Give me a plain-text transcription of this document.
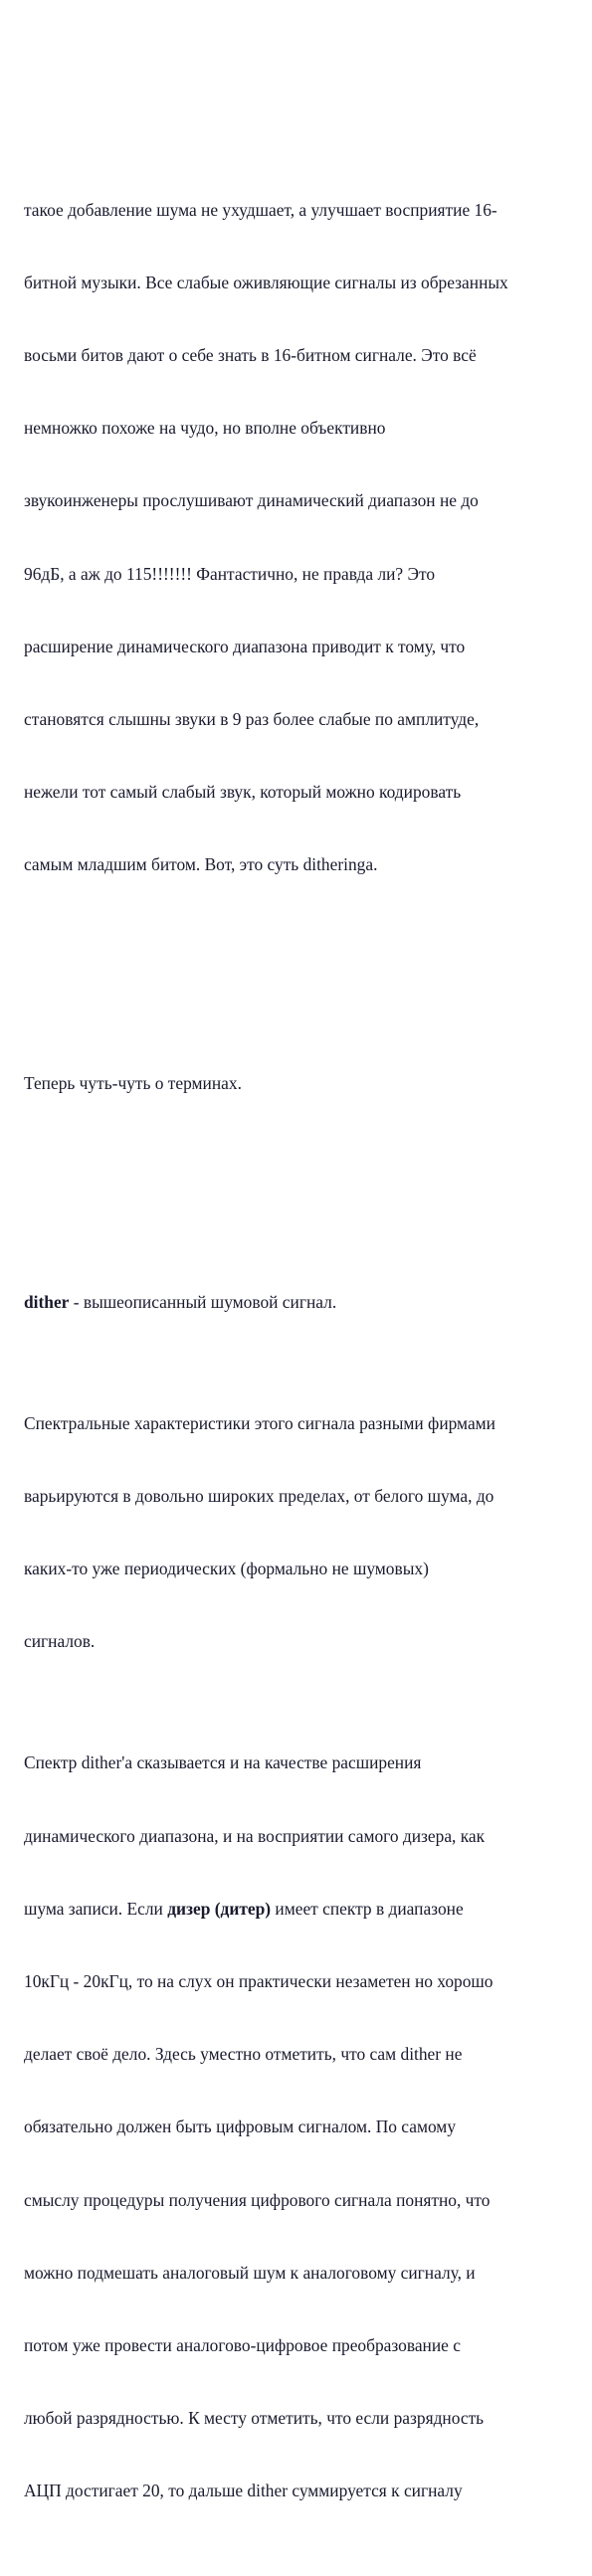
такое добавление шума не ухудшает, а улучшает восприятие 16-

битной музыки. Все слабые оживляющие сигналы из обрезанных

восьми битов дают о себе знать в 16-битном сигнале. Это всё

немножко похоже на чудо, но вполне объективно

звукоинженеры прослушивают динамический диапазон не до

96дБ, а аж до 115!!!!!!! Фантастично, не правда ли? Это

расширение динамического диапазона приводит к тому, что

становятся слышны звуки в 9 раз более слабые по амплитуде,

нежели тот самый слабый звук, который можно кодировать

самым младшим битом. Вот, это суть ditheringa.

Теперь чуть-чуть о терминах.

dither - вышеописанный шумовой сигнал.

Спектральные характеристики этого сигнала разными фирмами

варьируются в довольно широких пределах, от белого шума, до

каких-то уже периодических (формально не шумовых)

сигналов.

Спектр dither'a сказывается и на качестве расширения

динамического диапазона, и на восприятии самого дизера, как

шума записи. Если дизер (дитер) имеет спектр в диапазоне

10кГц - 20кГц, то на слух он практически незаметен но хорошо

делает своё дело. Здесь уместно отметить, что сам dither не

обязательно должен быть цифровым сигналом. По самому

смыслу процедуры получения цифрового сигнала понятно, что

можно подмешать аналоговый шум к аналоговому сигналу, и

потом уже провести аналогово-цифровое преобразование с

любой разрядностью. К месту отметить, что если разрядность

АЦП достигает 20, то дальше dither суммируется к сигналу
